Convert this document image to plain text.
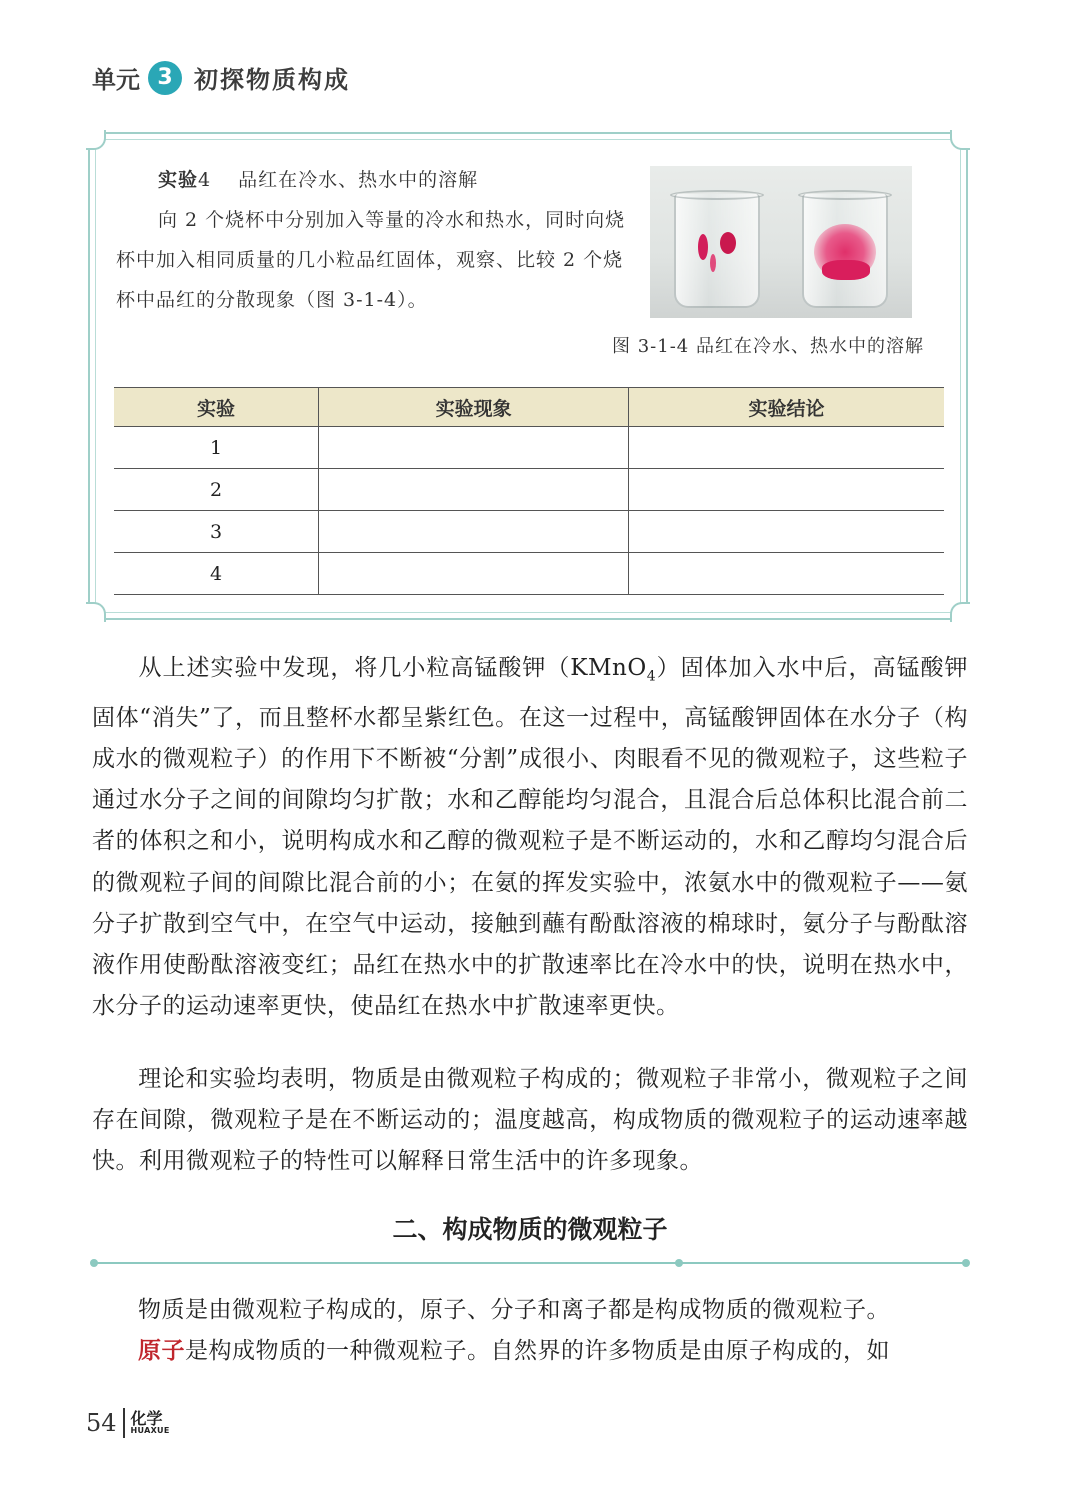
单元 3 初探物质构成
实验4 品红在冷水、热水中的溶解
向 2 个烧杯中分别加入等量的冷水和热水，同时向烧杯中加入相同质量的几小粒品红固体，观察、比较 2 个烧杯中品红的分散现象（图 3-1-4）。
图 3-1-4 品红在冷水、热水中的溶解
实验	实验现象	实验结论
1		
2		
3		
4		

从上述实验中发现，将几小粒高锰酸钾（KMnO$_4$）固体加入水中后，高锰酸钾固体“消失”了，而且整杯水都呈紫红色。在这一过程中，高锰酸钾固体在水分子（构成水的微观粒子）的作用下不断被“分割”成很小、肉眼看不见的微观粒子，这些粒子通过水分子之间的间隙均匀扩散；水和乙醇能均匀混合，且混合后总体积比混合前二者的体积之和小，说明构成水和乙醇的微观粒子是不断运动的，水和乙醇均匀混合后的微观粒子间的间隙比混合前的小；在氨的挥发实验中，浓氨水中的微观粒子——氨分子扩散到空气中，在空气中运动，接触到蘸有酚酞溶液的棉球时，氨分子与酚酞溶液作用使酚酞溶液变红；品红在热水中的扩散速率比在冷水中的快，说明在热水中，水分子的运动速率更快，使品红在热水中扩散速率更快。

理论和实验均表明，物质是由微观粒子构成的；微观粒子非常小，微观粒子之间存在间隙，微观粒子是在不断运动的；温度越高，构成物质的微观粒子的运动速率越快。利用微观粒子的特性可以解释日常生活中的许多现象。

二、构成物质的微观粒子

物质是由微观粒子构成的，原子、分子和离子都是构成物质的微观粒子。

原子是构成物质的一种微观粒子。自然界的许多物质是由原子构成的，如

54 化学
HUAXUE
